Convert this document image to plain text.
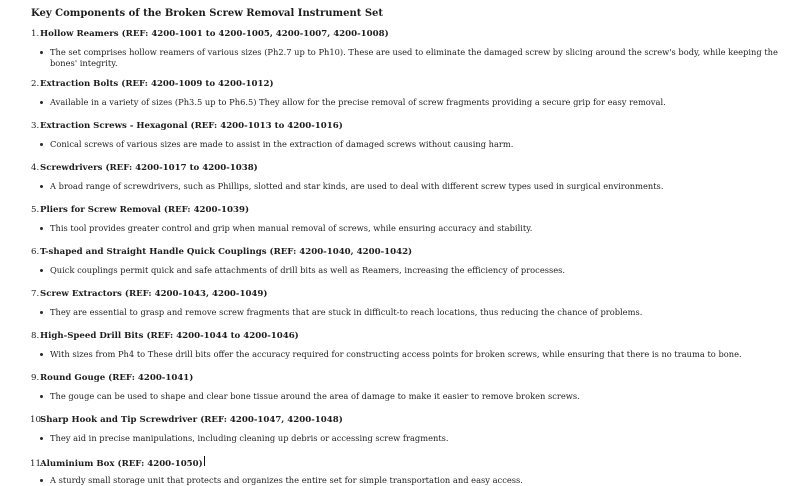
Key Components of the Broken Screw Removal Instrument Set
1. Hollow Reamers (REF: 4200-1001 to 4200-1005, 4200-1007, 4200-1008)
The set comprises hollow reamers of various sizes (Ph2.7 up to Ph10). These are used to eliminate the damaged screw by slicing around the screw's body, while keeping the bones' integrity.
2. Extraction Bolts (REF: 4200-1009 to 4200-1012)
Available in a variety of sizes (Ph3.5 up to Ph6.5) They allow for the precise removal of screw fragments providing a secure grip for easy removal.
3. Extraction Screws - Hexagonal (REF: 4200-1013 to 4200-1016)
Conical screws of various sizes are made to assist in the extraction of damaged screws without causing harm.
4. Screwdrivers (REF: 4200-1017 to 4200-1038)
A broad range of screwdrivers, such as Phillips, slotted and star kinds, are used to deal with different screw types used in surgical environments.
5. Pliers for Screw Removal (REF: 4200-1039)
This tool provides greater control and grip when manual removal of screws, while ensuring accuracy and stability.
6. T-shaped and Straight Handle Quick Couplings (REF: 4200-1040, 4200-1042)
Quick couplings permit quick and safe attachments of drill bits as well as Reamers, increasing the efficiency of processes.
7. Screw Extractors (REF: 4200-1043, 4200-1049)
They are essential to grasp and remove screw fragments that are stuck in difficult-to reach locations, thus reducing the chance of problems.
8. High-Speed Drill Bits (REF: 4200-1044 to 4200-1046)
With sizes from Ph4 to These drill bits offer the accuracy required for constructing access points for broken screws, while ensuring that there is no trauma to bone.
9. Round Gouge (REF: 4200-1041)
The gouge can be used to shape and clear bone tissue around the area of damage to make it easier to remove broken screws.
10.
Sharp Hook and Tip Screwdriver (REF: 4200-1047, 4200-1048)
They aid in precise manipulations, including cleaning up debris or accessing screw fragments.
11.
Aluminium Box (REF: 4200-1050)
A sturdy small storage unit that protects and organizes the entire set for simple transportation and easy access.
